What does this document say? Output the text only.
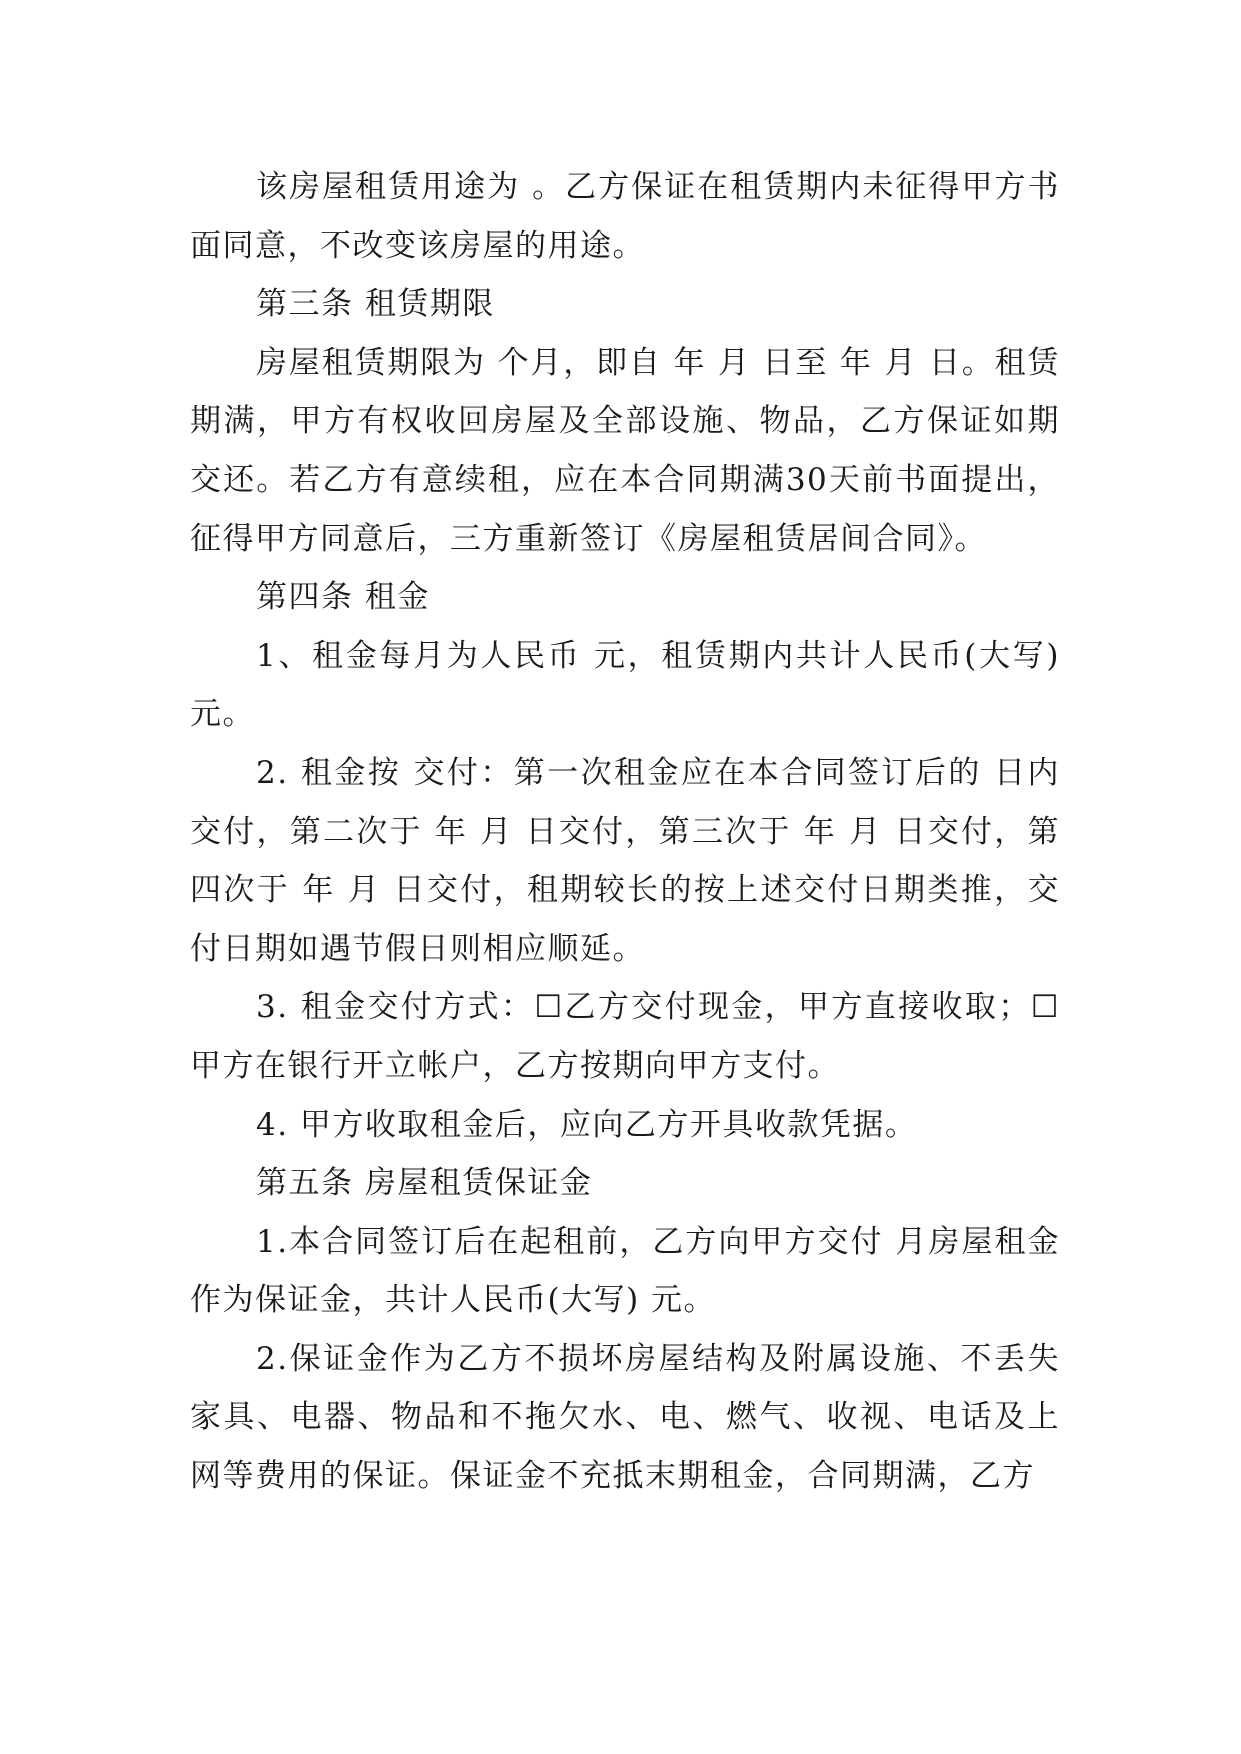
该房屋租赁用途为 。乙方保证在租赁期内未征得甲方书面同意，不改变该房屋的用途。

第三条 租赁期限

房屋租赁期限为 个月，即自 年 月 日至 年 月 日。租赁期满，甲方有权收回房屋及全部设施、物品，乙方保证如期交还。若乙方有意续租，应在本合同期满30天前书面提出，征得甲方同意后，三方重新签订《房屋租赁居间合同》。

第四条 租金

1、租金每月为人民币 元，租赁期内共计人民币(大写) 元。

2. 租金按 交付：第一次租金应在本合同签订后的 日内交付，第二次于 年 月 日交付，第三次于 年 月 日交付，第四次于 年 月 日交付，租期较长的按上述交付日期类推，交付日期如遇节假日则相应顺延。

3. 租金交付方式：☐乙方交付现金，甲方直接收取；☐甲方在银行开立帐户，乙方按期向甲方支付。

4. 甲方收取租金后，应向乙方开具收款凭据。

第五条 房屋租赁保证金

1.本合同签订后在起租前，乙方向甲方交付 月房屋租金作为保证金，共计人民币(大写) 元。

2.保证金作为乙方不损坏房屋结构及附属设施、不丢失家具、电器、物品和不拖欠水、电、燃气、收视、电话及上网等费用的保证。保证金不充抵末期租金，合同期满，乙方
